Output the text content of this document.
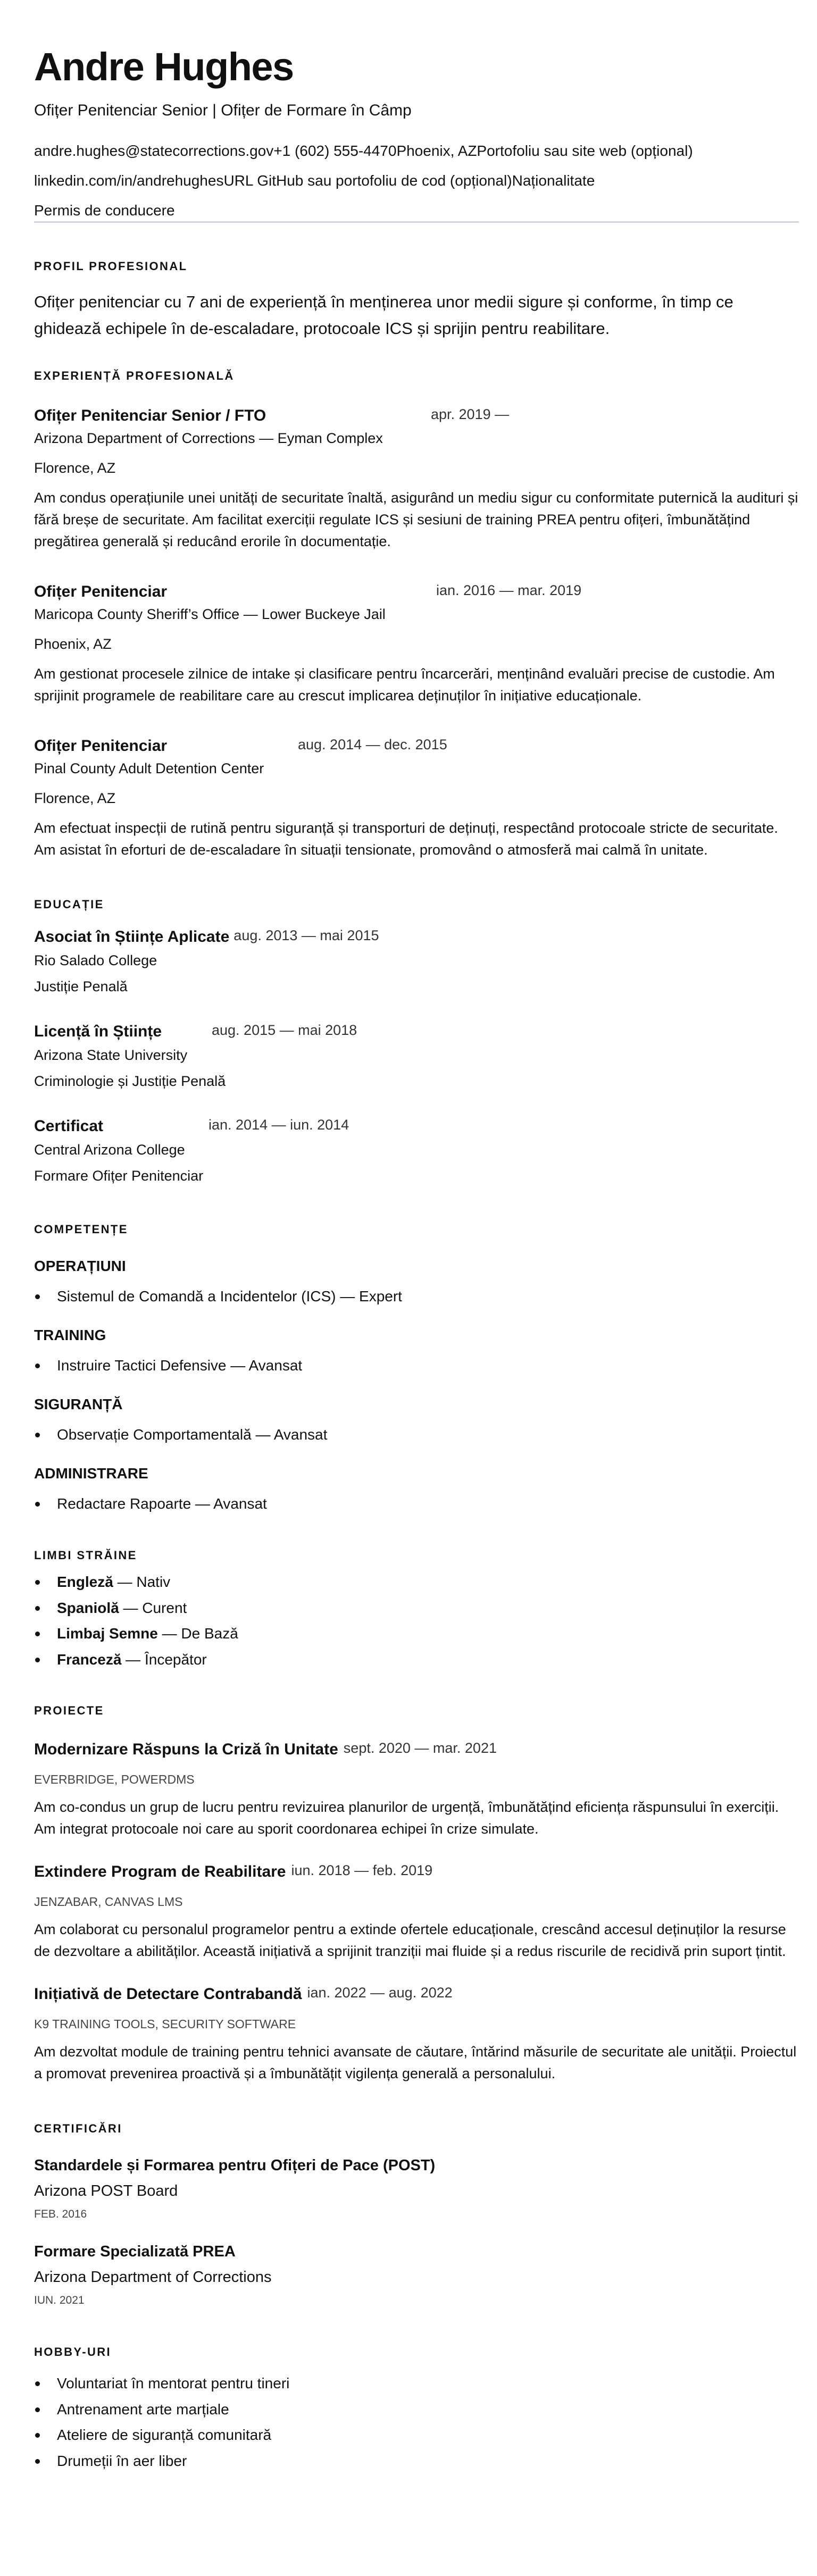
Andre Hughes
Ofițer Penitenciar Senior | Ofițer de Formare în Câmp
andre.hughes@statecorrections.gov +1 (602) 555-4470 Phoenix, AZ Portofoliu sau site web (opțional)
linkedin.com/in/andrehughes URL GitHub sau portofoliu de cod (opțional) Naționalitate
Permis de conducere
PROFIL PROFESIONAL
Ofițer penitenciar cu 7 ani de experiență în menținerea unor medii sigure și conforme, în timp ce ghidează echipele în de-escaladare, protocoale ICS și sprijin pentru reabilitare.
EXPERIENȚĂ PROFESIONALĂ
Ofițer Penitenciar Senior / FTO	apr. 2019 —
Arizona Department of Corrections — Eyman Complex
Florence, AZ
Am condus operațiunile unei unități de securitate înaltă, asigurând un mediu sigur cu conformitate puternică la audituri și fără breșe de securitate. Am facilitat exerciții regulate ICS și sesiuni de training PREA pentru ofițeri, îmbunătățind pregătirea generală și reducând erorile în documentație.
Ofițer Penitenciar	ian. 2016 — mar. 2019
Maricopa County Sheriff’s Office — Lower Buckeye Jail
Phoenix, AZ
Am gestionat procesele zilnice de intake și clasificare pentru încarcerări, menținând evaluări precise de custodie. Am sprijinit programele de reabilitare care au crescut implicarea deținuților în inițiative educaționale.
Ofițer Penitenciar	aug. 2014 — dec. 2015
Pinal County Adult Detention Center
Florence, AZ
Am efectuat inspecții de rutină pentru siguranță și transporturi de deținuți, respectând protocoale stricte de securitate. Am asistat în eforturi de de-escaladare în situații tensionate, promovând o atmosferă mai calmă în unitate.
EDUCAȚIE
Asociat în Științe Aplicate aug. 2013 — mai 2015
Rio Salado College
Justiție Penală
Licență în Științe	aug. 2015 — mai 2018
Arizona State University
Criminologie și Justiție Penală
Certificat	ian. 2014 — iun. 2014
Central Arizona College
Formare Ofițer Penitenciar
COMPETENȚE
OPERAȚIUNI
Sistemul de Comandă a Incidentelor (ICS) — Expert
TRAINING
Instruire Tactici Defensive — Avansat
SIGURANȚĂ
Observație Comportamentală — Avansat
ADMINISTRARE
Redactare Rapoarte — Avansat
LIMBI STRĂINE
Engleză — Nativ
Spaniolă — Curent
Limbaj Semne — De Bază
Franceză — Începător
PROIECTE
Modernizare Răspuns la Criză în Unitate sept. 2020 — mar. 2021
EVERBRIDGE, POWERDMS
Am co-condus un grup de lucru pentru revizuirea planurilor de urgență, îmbunătățind eficiența răspunsului în exerciții. Am integrat protocoale noi care au sporit coordonarea echipei în crize simulate.
Extindere Program de Reabilitare iun. 2018 — feb. 2019
JENZABAR, CANVAS LMS
Am colaborat cu personalul programelor pentru a extinde ofertele educaționale, crescând accesul deținuților la resurse de dezvoltare a abilităților. Această inițiativă a sprijinit tranziții mai fluide și a redus riscurile de recidivă prin suport țintit.
Inițiativă de Detectare Contrabandă ian. 2022 — aug. 2022
K9 TRAINING TOOLS, SECURITY SOFTWARE
Am dezvoltat module de training pentru tehnici avansate de căutare, întărind măsurile de securitate ale unității. Proiectul a promovat prevenirea proactivă și a îmbunătățit vigilența generală a personalului.
CERTIFICĂRI
Standardele și Formarea pentru Ofițeri de Pace (POST)
Arizona POST Board
FEB. 2016
Formare Specializată PREA
Arizona Department of Corrections
IUN. 2021
HOBBY-URI
Voluntariat în mentorat pentru tineri
Antrenament arte marțiale
Ateliere de siguranță comunitară
Drumeții în aer liber
